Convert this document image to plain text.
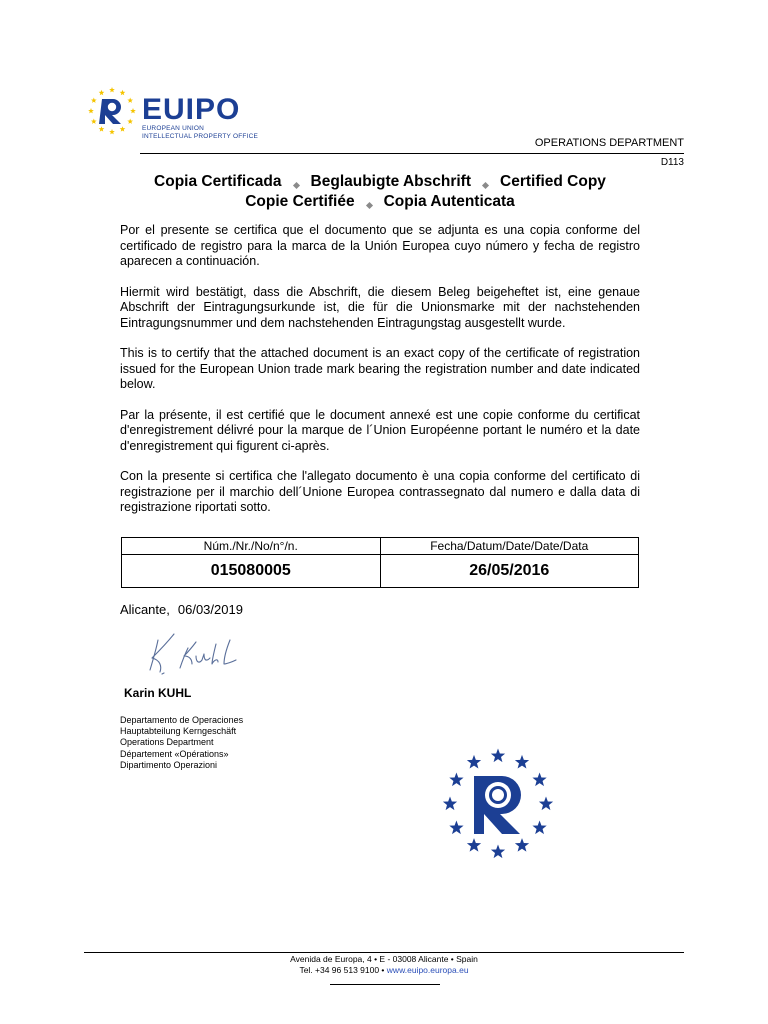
EUIPO
EUROPEAN UNION
INTELLECTUAL PROPERTY OFFICE
OPERATIONS DEPARTMENT
D113
Copia Certificada Beglaubigte Abschrift Certified Copy
Copie Certifiée Copia Autenticata

Por el presente se certifica que el documento que se adjunta es una copia conforme del certificado de registro para la marca de la Unión Europea cuyo número y fecha de registro aparecen a continuación.

Hiermit wird bestätigt, dass die Abschrift, die diesem Beleg beigeheftet ist, eine genaue Abschrift der Eintragungsurkunde ist, die für die Unionsmarke mit der nachstehenden Eintragungsnummer und dem nachstehenden Eintragungstag ausgestellt wurde.

This is to certify that the attached document is an exact copy of the certificate of registration issued for the European Union trade mark bearing the registration number and date indicated below.

Par la présente, il est certifié que le document annexé est une copie conforme du certificat d'enregistrement délivré pour la marque de l´Union Européenne portant le numéro et la date d'enregistrement qui figurent ci-après.

Con la presente si certifica che l'allegato documento è una copia conforme del certificato di registrazione per il marchio dell´Unione Europea contrassegnato dal numero e dalla data di registrazione riportati sotto.

Núm./Nr./No/n°/n.	Fecha/Datum/Date/Date/Data
015080005	26/05/2016
Alicante, 06/03/2019
Karin KUHL
Departamento de Operaciones
Hauptabteilung Kerngeschäft
Operations Department
Département «Opérations»
Dipartimento Operazioni
Avenida de Europa, 4 • E - 03008 Alicante • Spain
Tel. +34 96 513 9100 • www.euipo.europa.eu
